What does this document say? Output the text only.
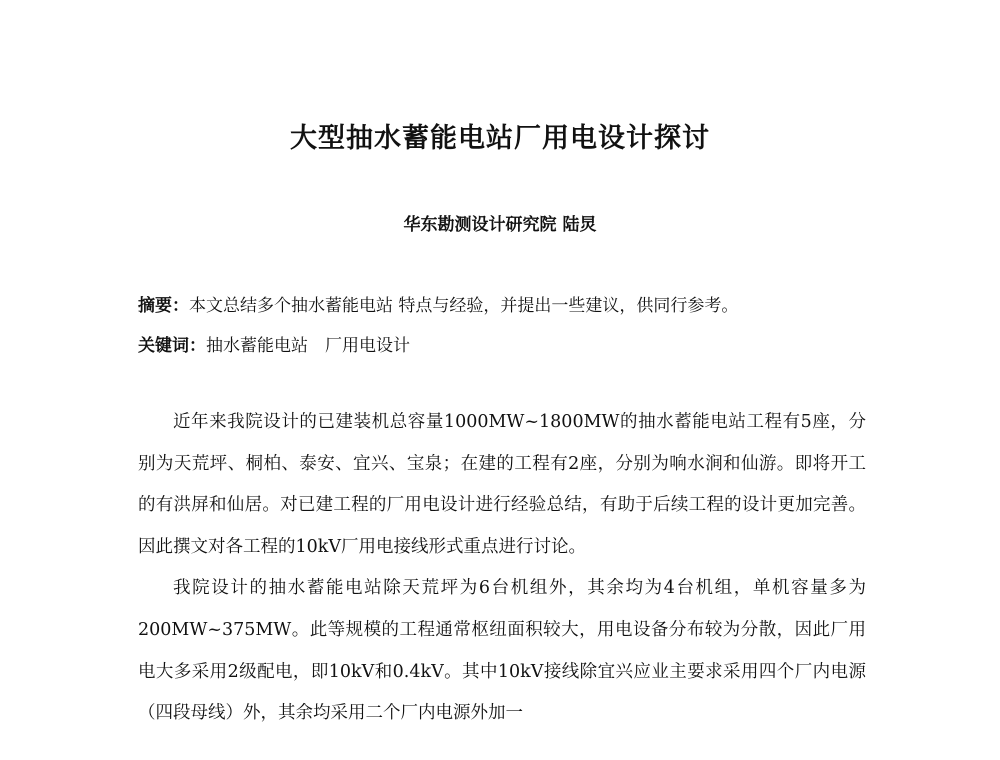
大型抽水蓄能电站厂用电设计探讨
华东勘测设计研究院 陆炅
摘要：本文总结多个抽水蓄能电站 特点与经验，并提出一些建议，供同行参考。
关键词：抽水蓄能电站　厂用电设计

近年来我院设计的已建装机总容量1000MW~1800MW的抽水蓄能电站工程有5座，分别为天荒坪、桐柏、泰安、宜兴、宝泉；在建的工程有2座，分别为响水涧和仙游。即将开工的有洪屏和仙居。对已建工程的厂用电设计进行经验总结，有助于后续工程的设计更加完善。因此撰文对各工程的10kV厂用电接线形式重点进行讨论。

我院设计的抽水蓄能电站除天荒坪为6台机组外，其余均为4台机组，单机容量多为200MW~375MW。此等规模的工程通常枢纽面积较大，用电设备分布较为分散，因此厂用电大多采用2级配电，即10kV和0.4kV。其中10kV接线除宜兴应业主要求采用四个厂内电源（四段母线）外，其余均采用二个厂内电源外加一
